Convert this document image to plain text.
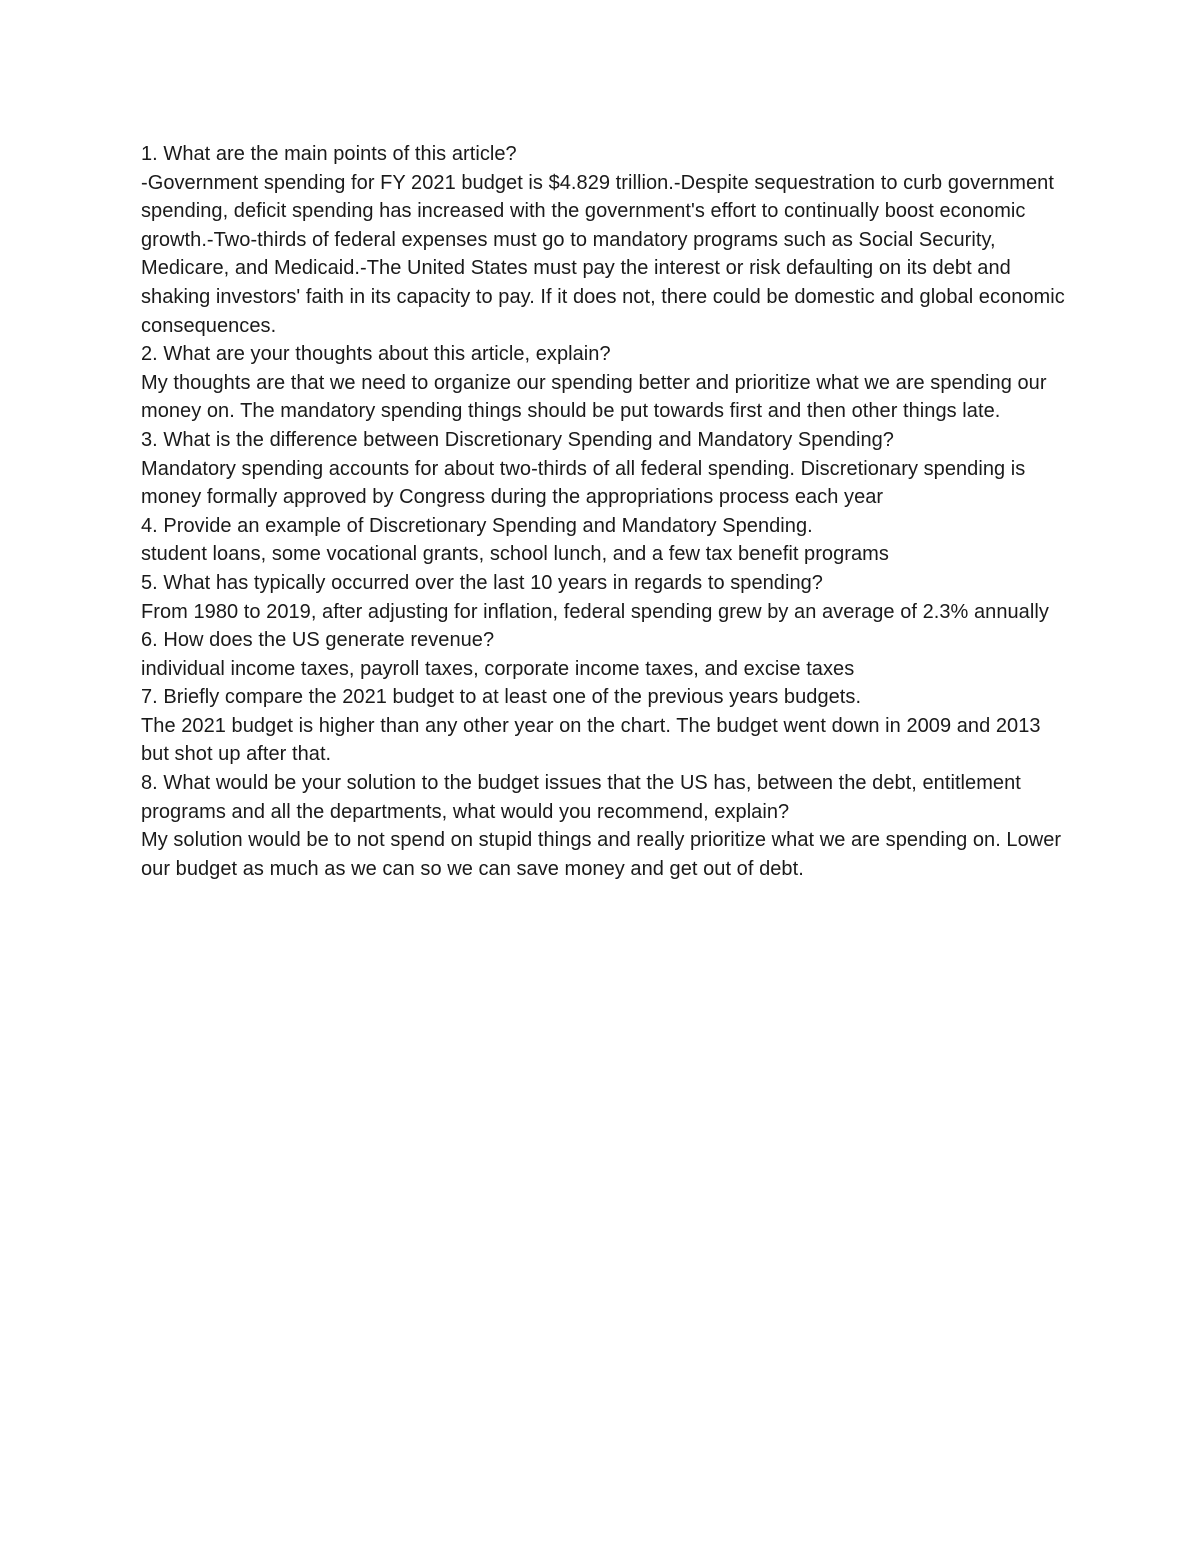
1. What are the main points of this article?

-Government spending for FY 2021 budget is $4.829 trillion.-Despite sequestration to curb government spending, deficit spending has increased with the government's effort to continually boost economic growth.-Two-thirds of federal expenses must go to mandatory programs such as Social Security, Medicare, and Medicaid.-The United States must pay the interest or risk defaulting on its debt and shaking investors' faith in its capacity to pay. If it does not, there could be domestic and global economic consequences.

2. What are your thoughts about this article, explain?

My thoughts are that we need to organize our spending better and prioritize what we are spending our money on. The mandatory spending things should be put towards first and then other things late.

3. What is the difference between Discretionary Spending and Mandatory Spending?

Mandatory spending accounts for about two-thirds of all federal spending. Discretionary spending is money formally approved by Congress during the appropriations process each year

4. Provide an example of Discretionary Spending and Mandatory Spending.

student loans, some vocational grants, school lunch, and a few tax benefit programs

5. What has typically occurred over the last 10 years in regards to spending?

From 1980 to 2019, after adjusting for inflation, federal spending grew by an average of 2.3% annually

6. How does the US generate revenue?

individual income taxes, payroll taxes, corporate income taxes, and excise taxes

7. Briefly compare the 2021 budget to at least one of the previous years budgets.

The 2021 budget is higher than any other year on the chart. The budget went down in 2009 and 2013 but shot up after that.

8. What would be your solution to the budget issues that the US has, between the debt, entitlement programs and all the departments, what would you recommend, explain?

My solution would be to not spend on stupid things and really prioritize what we are spending on. Lower our budget as much as we can so we can save money and get out of debt.
